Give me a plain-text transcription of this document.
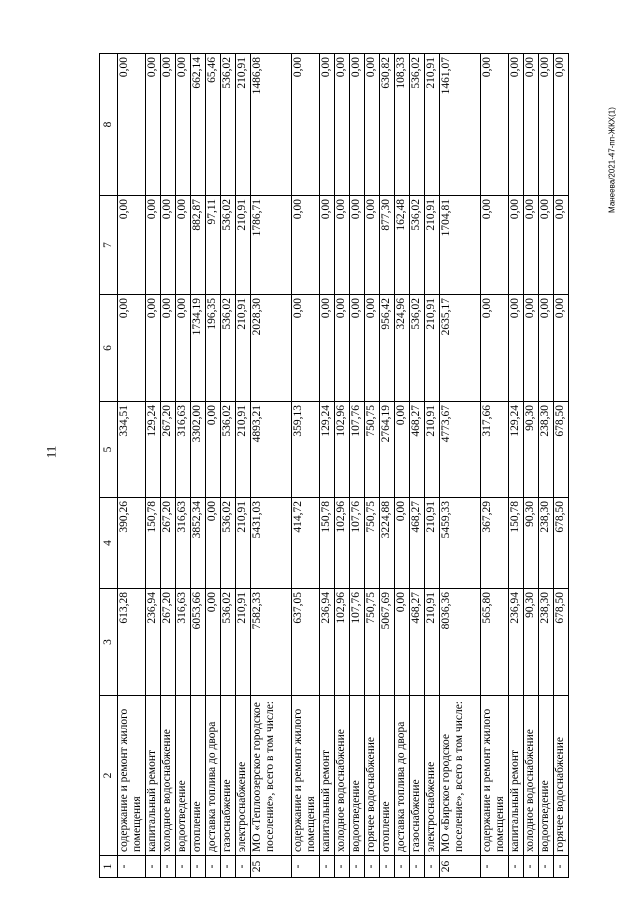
11
Манеева/2021-47-пп-ЖКХ(1)
1	2	3	4	5	6	7	8
-	содержание и ремонт жилого помещения	613,28	390,26	334,51	0,00	0,00	0,00
-	капитальный ремонт	236,94	150,78	129,24	0,00	0,00	0,00
-	холодное водоснабжение	267,20	267,20	267,20	0,00	0,00	0,00
-	водоотведение	316,63	316,63	316,63	0,00	0,00	0,00
-	отопление	6053,66	3852,34	3302,00	1734,19	882,87	662,14
-	доставка топлива до двора	0,00	0,00	0,00	196,35	97,11	65,46
-	газоснабжение	536,02	536,02	536,02	536,02	536,02	536,02
-	электроснабжение	210,91	210,91	210,91	210,91	210,91	210,91
25	МО «Теплоозерское городское поселение», всего в том числе:	7582,33	5431,03	4893,21	2028,30	1786,71	1486,08
-	содержание и ремонт жилого помещения	637,05	414,72	359,13	0,00	0,00	0,00
-	капитальный ремонт	236,94	150,78	129,24	0,00	0,00	0,00
-	холодное водоснабжение	102,96	102,96	102,96	0,00	0,00	0,00
-	водоотведение	107,76	107,76	107,76	0,00	0,00	0,00
-	горячее водоснабжение	750,75	750,75	750,75	0,00	0,00	0,00
-	отопление	5067,69	3224,88	2764,19	956,42	877,30	630,82
-	доставка топлива до двора	0,00	0,00	0,00	324,96	162,48	108,33
-	газоснабжение	468,27	468,27	468,27	536,02	536,02	536,02
-	электроснабжение	210,91	210,91	210,91	210,91	210,91	210,91
26	МО «Бирское городское поселение», всего в том числе:	8036,36	5459,33	4773,67	2635,17	1704,81	1461,07
-	содержание и ремонт жилого помещения	565,80	367,29	317,66	0,00	0,00	0,00
-	капитальный ремонт	236,94	150,78	129,24	0,00	0,00	0,00
-	холодное водоснабжение	90,30	90,30	90,30	0,00	0,00	0,00
-	водоотведение	238,30	238,30	238,30	0,00	0,00	0,00
-	горячее водоснабжение	678,50	678,50	678,50	0,00	0,00	0,00
